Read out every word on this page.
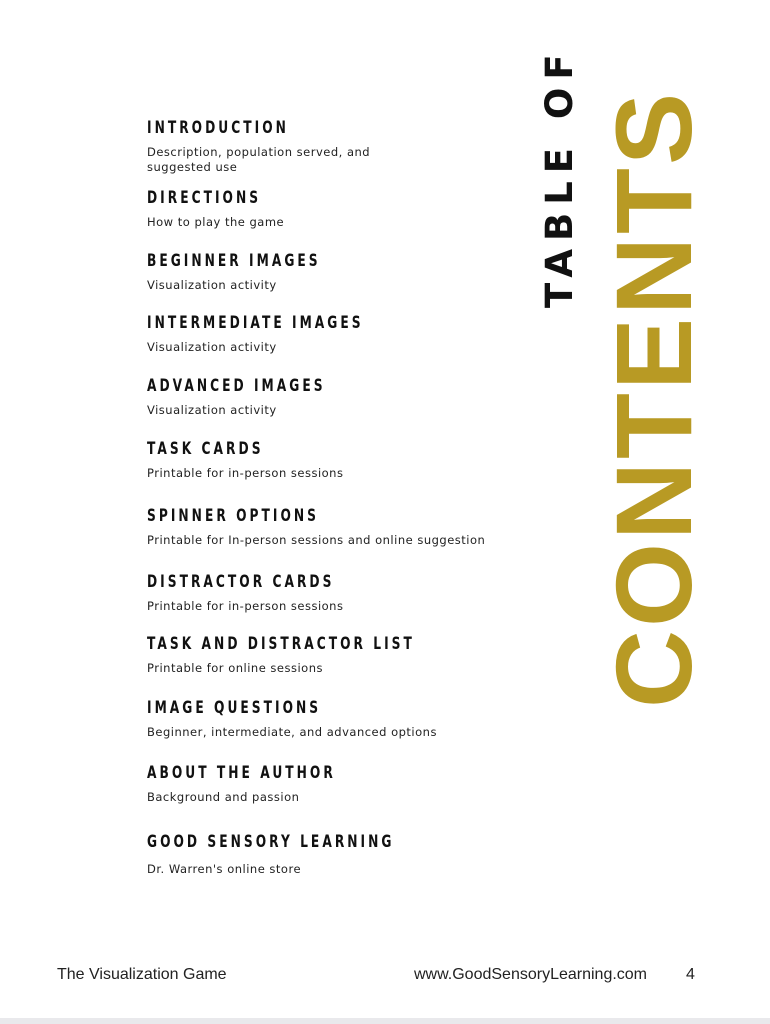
INTRODUCTION
Description, population served, and suggested use
DIRECTIONS
How to play the game
BEGINNER IMAGES
Visualization activity
INTERMEDIATE IMAGES
Visualization activity
ADVANCED IMAGES
Visualization activity
TASK CARDS
Printable for in-person sessions
SPINNER OPTIONS
Printable for In-person sessions and online suggestion
DISTRACTOR CARDS
Printable for in-person sessions
TASK AND DISTRACTOR LIST
Printable for online sessions
IMAGE QUESTIONS
Beginner, intermediate, and advanced options
ABOUT THE AUTHOR
Background and passion
GOOD SENSORY LEARNING
Dr. Warren's online store
TABLE OF CONTENTS
The Visualization Game	www.GoodSensoryLearning.com 4
